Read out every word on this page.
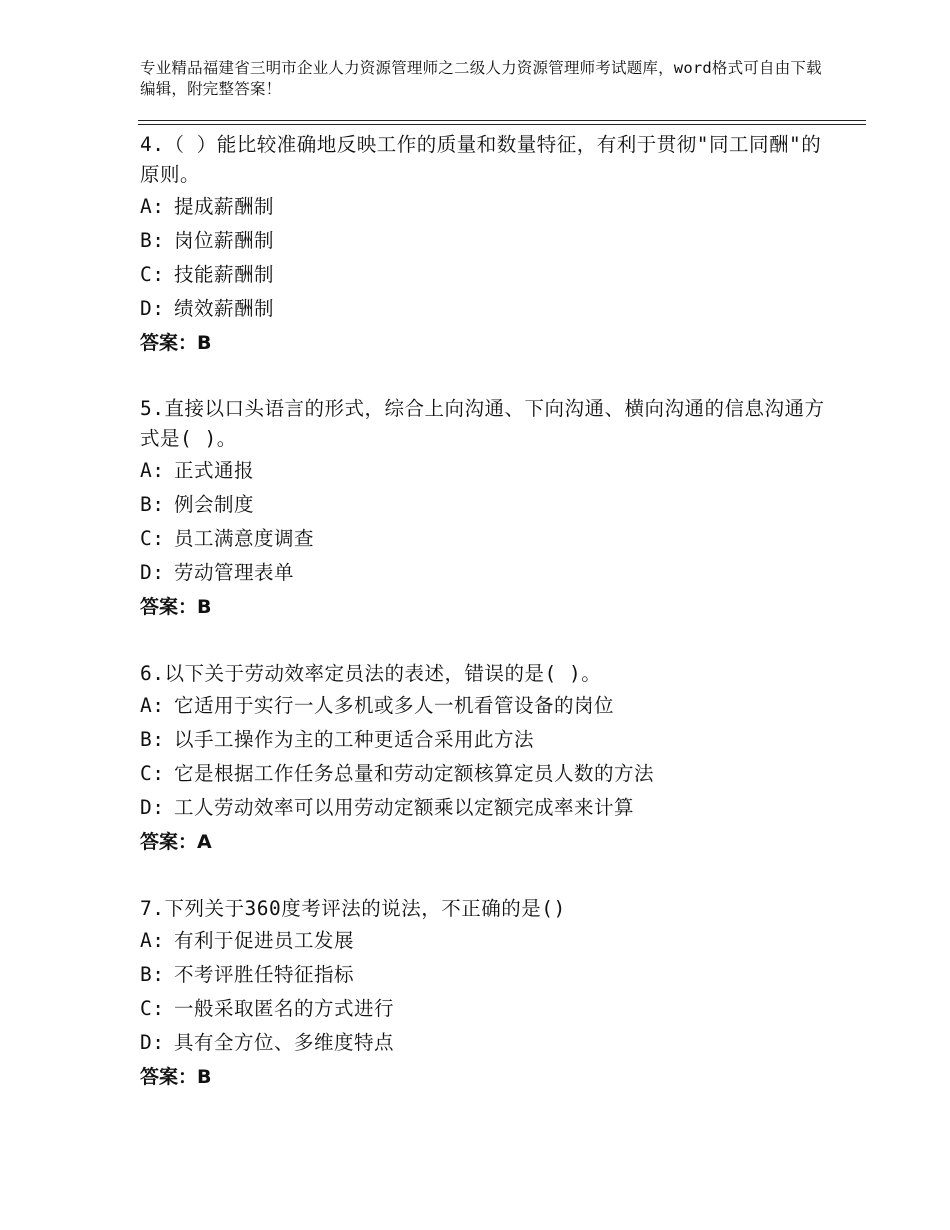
专业精品福建省三明市企业人力资源管理师之二级人力资源管理师考试题库，word格式可自由下载编辑，附完整答案！

4.（ ）能比较准确地反映工作的质量和数量特征，有利于贯彻"同工同酬"的原则。

A: 提成薪酬制

B: 岗位薪酬制

C: 技能薪酬制

D: 绩效薪酬制

答案：B

5.直接以口头语言的形式，综合上向沟通、下向沟通、横向沟通的信息沟通方式是( )。

A: 正式通报

B: 例会制度

C: 员工满意度调查

D: 劳动管理表单

答案：B

6.以下关于劳动效率定员法的表述，错误的是( )。

A: 它适用于实行一人多机或多人一机看管设备的岗位

B: 以手工操作为主的工种更适合采用此方法

C: 它是根据工作任务总量和劳动定额核算定员人数的方法

D: 工人劳动效率可以用劳动定额乘以定额完成率来计算

答案：A

7.下列关于360度考评法的说法，不正确的是()

A: 有利于促进员工发展

B: 不考评胜任特征指标

C: 一般采取匿名的方式进行

D: 具有全方位、多维度特点

答案：B
